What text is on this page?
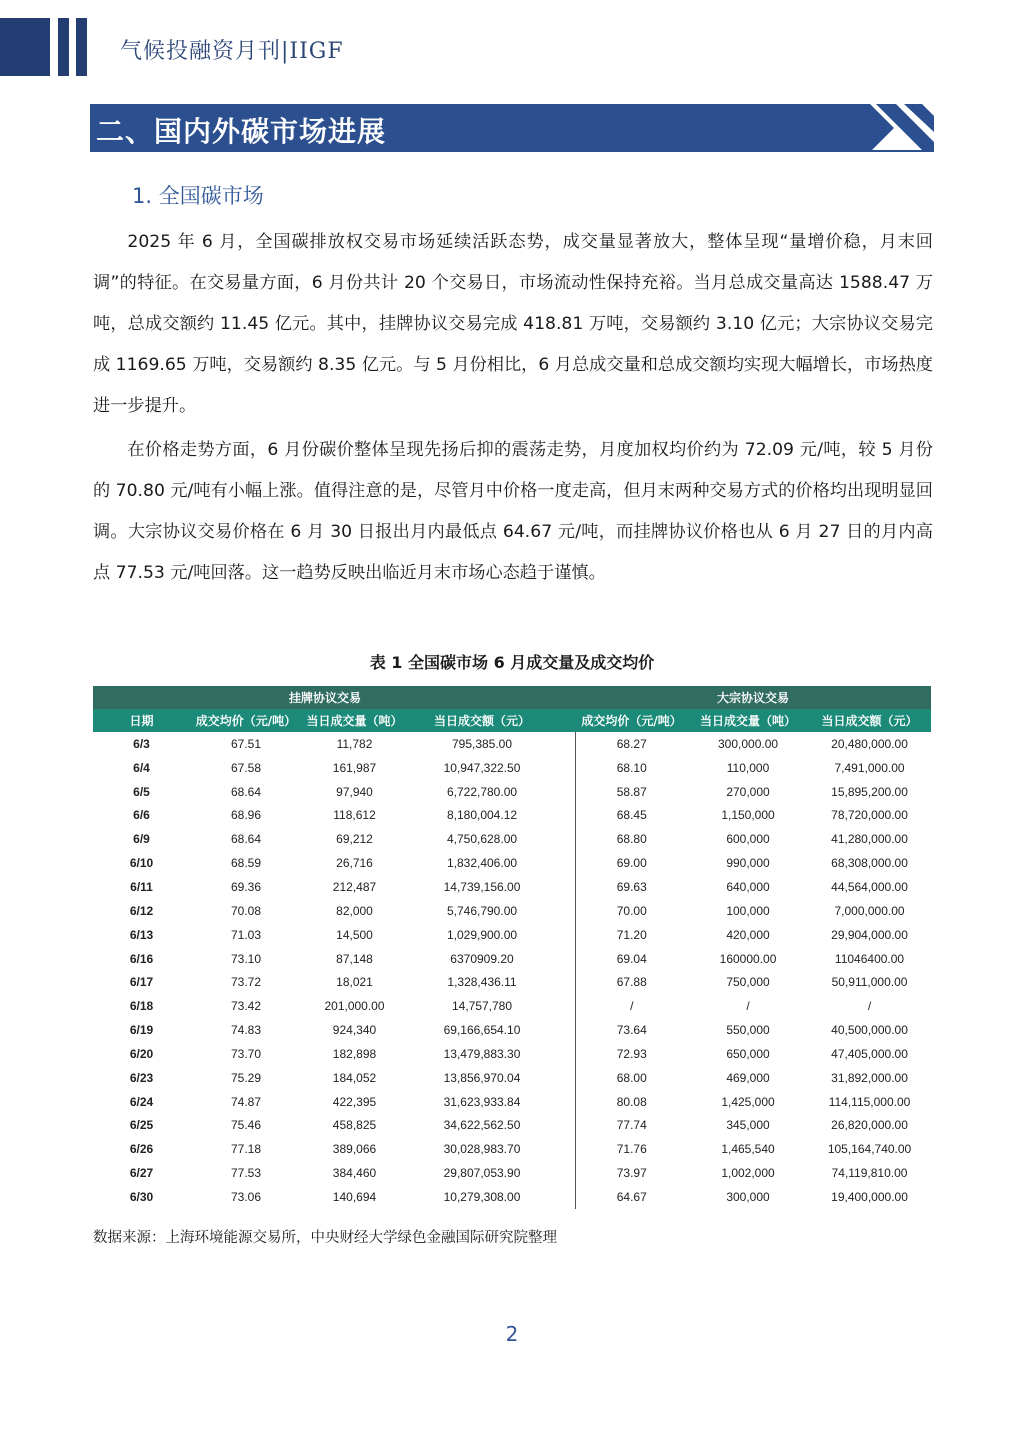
气候投融资月刊|IIGF
二、国内外碳市场进展
1. 全国碳市场

2025 年 6 月，全国碳排放权交易市场延续活跃态势，成交量显著放大，整体呈现“量增价稳，月末回调”的特征。在交易量方面，6 月份共计 20 个交易日，市场流动性保持充裕。当月总成交量高达 1588.47 万吨，总成交额约 11.45 亿元。其中，挂牌协议交易完成 418.81 万吨，交易额约 3.10 亿元；大宗协议交易完成 1169.65 万吨，交易额约 8.35 亿元。与 5 月份相比，6 月总成交量和总成交额均实现大幅增长，市场热度进一步提升。

在价格走势方面，6 月份碳价整体呈现先扬后抑的震荡走势，月度加权均价约为 72.09 元/吨，较 5 月份的 70.80 元/吨有小幅上涨。值得注意的是，尽管月中价格一度走高，但月末两种交易方式的价格均出现明显回调。大宗协议交易价格在 6 月 30 日报出月内最低点 64.67 元/吨，而挂牌协议价格也从 6 月 27 日的月内高点 77.53 元/吨回落。这一趋势反映出临近月末市场心态趋于谨慎。

表 1 全国碳市场 6 月成交量及成交均价
挂牌协议交易					大宗协议交易		
日期	成交均价（元/吨）	当日成交量（吨）	当日成交额（元）		成交均价（元/吨）	当日成交量（吨）	当日成交额（元）
6/3	67.51	11,782	795,385.00		68.27	300,000.00	20,480,000.00
6/4	67.58	161,987	10,947,322.50		68.10	110,000	7,491,000.00
6/5	68.64	97,940	6,722,780.00		58.87	270,000	15,895,200.00
6/6	68.96	118,612	8,180,004.12		68.45	1,150,000	78,720,000.00
6/9	68.64	69,212	4,750,628.00		68.80	600,000	41,280,000.00
6/10	68.59	26,716	1,832,406.00		69.00	990,000	68,308,000.00
6/11	69.36	212,487	14,739,156.00		69.63	640,000	44,564,000.00
6/12	70.08	82,000	5,746,790.00		70.00	100,000	7,000,000.00
6/13	71.03	14,500	1,029,900.00		71.20	420,000	29,904,000.00
6/16	73.10	87,148	6370909.20		69.04	160000.00	11046400.00
6/17	73.72	18,021	1,328,436.11		67.88	750,000	50,911,000.00
6/18	73.42	201,000.00	14,757,780		/	/	/
6/19	74.83	924,340	69,166,654.10		73.64	550,000	40,500,000.00
6/20	73.70	182,898	13,479,883.30		72.93	650,000	47,405,000.00
6/23	75.29	184,052	13,856,970.04		68.00	469,000	31,892,000.00
6/24	74.87	422,395	31,623,933.84		80.08	1,425,000	114,115,000.00
6/25	75.46	458,825	34,622,562.50		77.74	345,000	26,820,000.00
6/26	77.18	389,066	30,028,983.70		71.76	1,465,540	105,164,740.00
6/27	77.53	384,460	29,807,053.90		73.97	1,002,000	74,119,810.00
6/30	73.06	140,694	10,279,308.00		64.67	300,000	19,400,000.00
数据来源：上海环境能源交易所，中央财经大学绿色金融国际研究院整理
2
